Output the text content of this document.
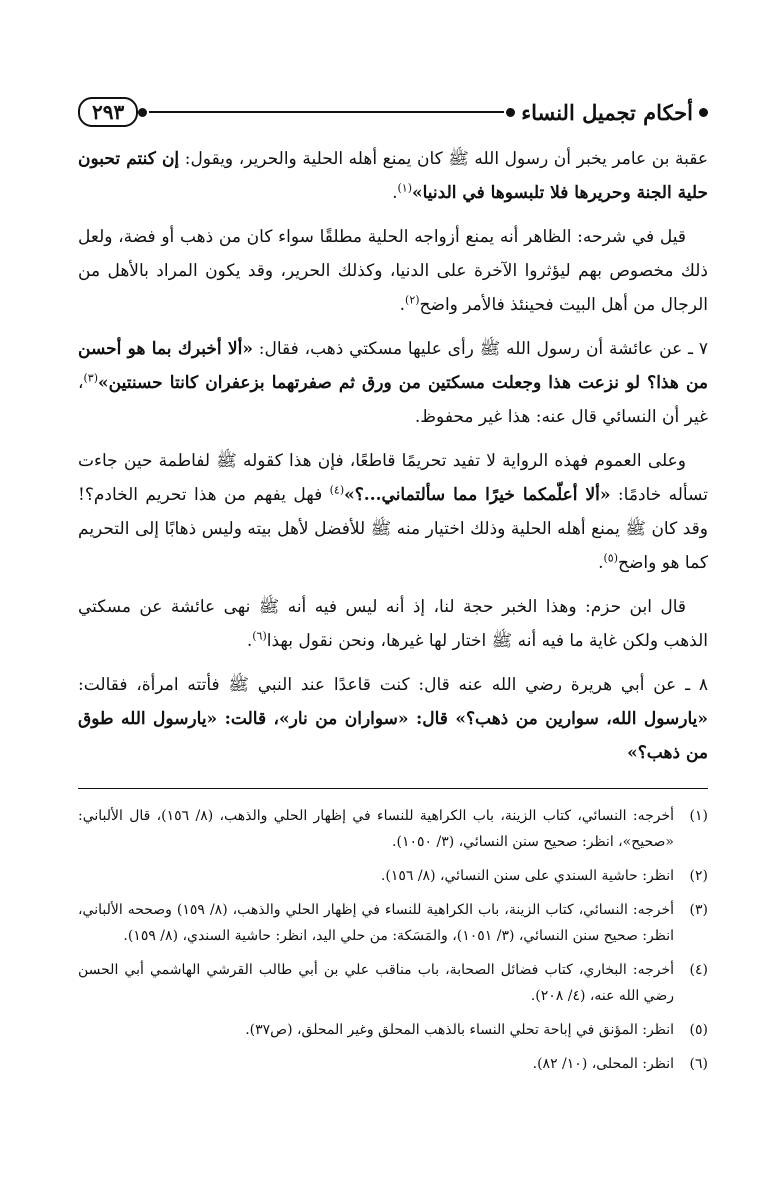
أحكام تجميل النساء
٢٩٣

عقبة بن عامر يخبر أن رسول الله ﷺ كان يمنع أهله الحلية والحرير، ويقول: إن كنتم تحبون حلية الجنة وحريرها فلا تلبسوها في الدنيا»$^{(١)}$.

قيل في شرحه: الظاهر أنه يمنع أزواجه الحلية مطلقًا سواء كان من ذهب أو فضة، ولعل ذلك مخصوص بهم ليؤثروا الآخرة على الدنيا، وكذلك الحرير، وقد يكون المراد بالأهل من الرجال من أهل البيت فحينئذ فالأمر واضح$^{(٢)}$.

٧ ـ عن عائشة أن رسول الله ﷺ رأى عليها مسكتي ذهب، فقال: «ألا أخبرك بما هو أحسن من هذا؟ لو نزعت هذا وجعلت مسكتين من ورق ثم صفرتهما بزعفران كانتا حسنتين»$^{(٣)}$، غير أن النسائي قال عنه: هذا غير محفوظ.

وعلى العموم فهذه الرواية لا تفيد تحريمًا قاطعًا، فإن هذا كقوله ﷺ لفاطمة حين جاءت تسأله خادمًا: «ألا أعلّمكما خيرًا مما سألتماني...؟»$^{(٤)}$ فهل يفهم من هذا تحريم الخادم؟! وقد كان ﷺ يمنع أهله الحلية وذلك اختيار منه ﷺ للأفضل لأهل بيته وليس ذهابًا إلى التحريم كما هو واضح$^{(٥)}$.

قال ابن حزم: وهذا الخبر حجة لنا، إذ أنه ليس فيه أنه ﷺ نهى عائشة عن مسكتي الذهب ولكن غاية ما فيه أنه ﷺ اختار لها غيرها، ونحن نقول بهذا$^{(٦)}$.

٨ ـ عن أبي هريرة رضي الله عنه قال: كنت قاعدًا عند النبي ﷺ فأتته امرأة، فقالت: «يارسول الله، سوارين من ذهب؟» قال: «سواران من نار»، قالت: «يارسول الله طوق من ذهب؟»

(١)
أخرجه: النسائي، كتاب الزينة، باب الكراهية للنساء في إظهار الحلي والذهب، (٨/ ١٥٦)، قال الألباني: «صحيح»، انظر: صحيح سنن النسائي، (٣/ ١٠٥٠).
(٢)
انظر: حاشية السندي على سنن النسائي، (٨/ ١٥٦).
(٣)
أخرجه: النسائي، كتاب الزينة، باب الكراهية للنساء في إظهار الحلي والذهب، (٨/ ١٥٩) وصححه الألباني، انظر: صحيح سنن النسائي، (٣/ ١٠٥١)، والمَسَكة: من حلي اليد، انظر: حاشية السندي، (٨/ ١٥٩).
(٤)
أخرجه: البخاري، كتاب فضائل الصحابة، باب مناقب علي بن أبي طالب القرشي الهاشمي أبي الحسن رضي الله عنه، (٤/ ٢٠٨).
(٥)
انظر: المؤنق في إباحة تحلي النساء بالذهب المحلق وغير المحلق، (ص٣٧).
(٦)
انظر: المحلى، (١٠/ ٨٢).
